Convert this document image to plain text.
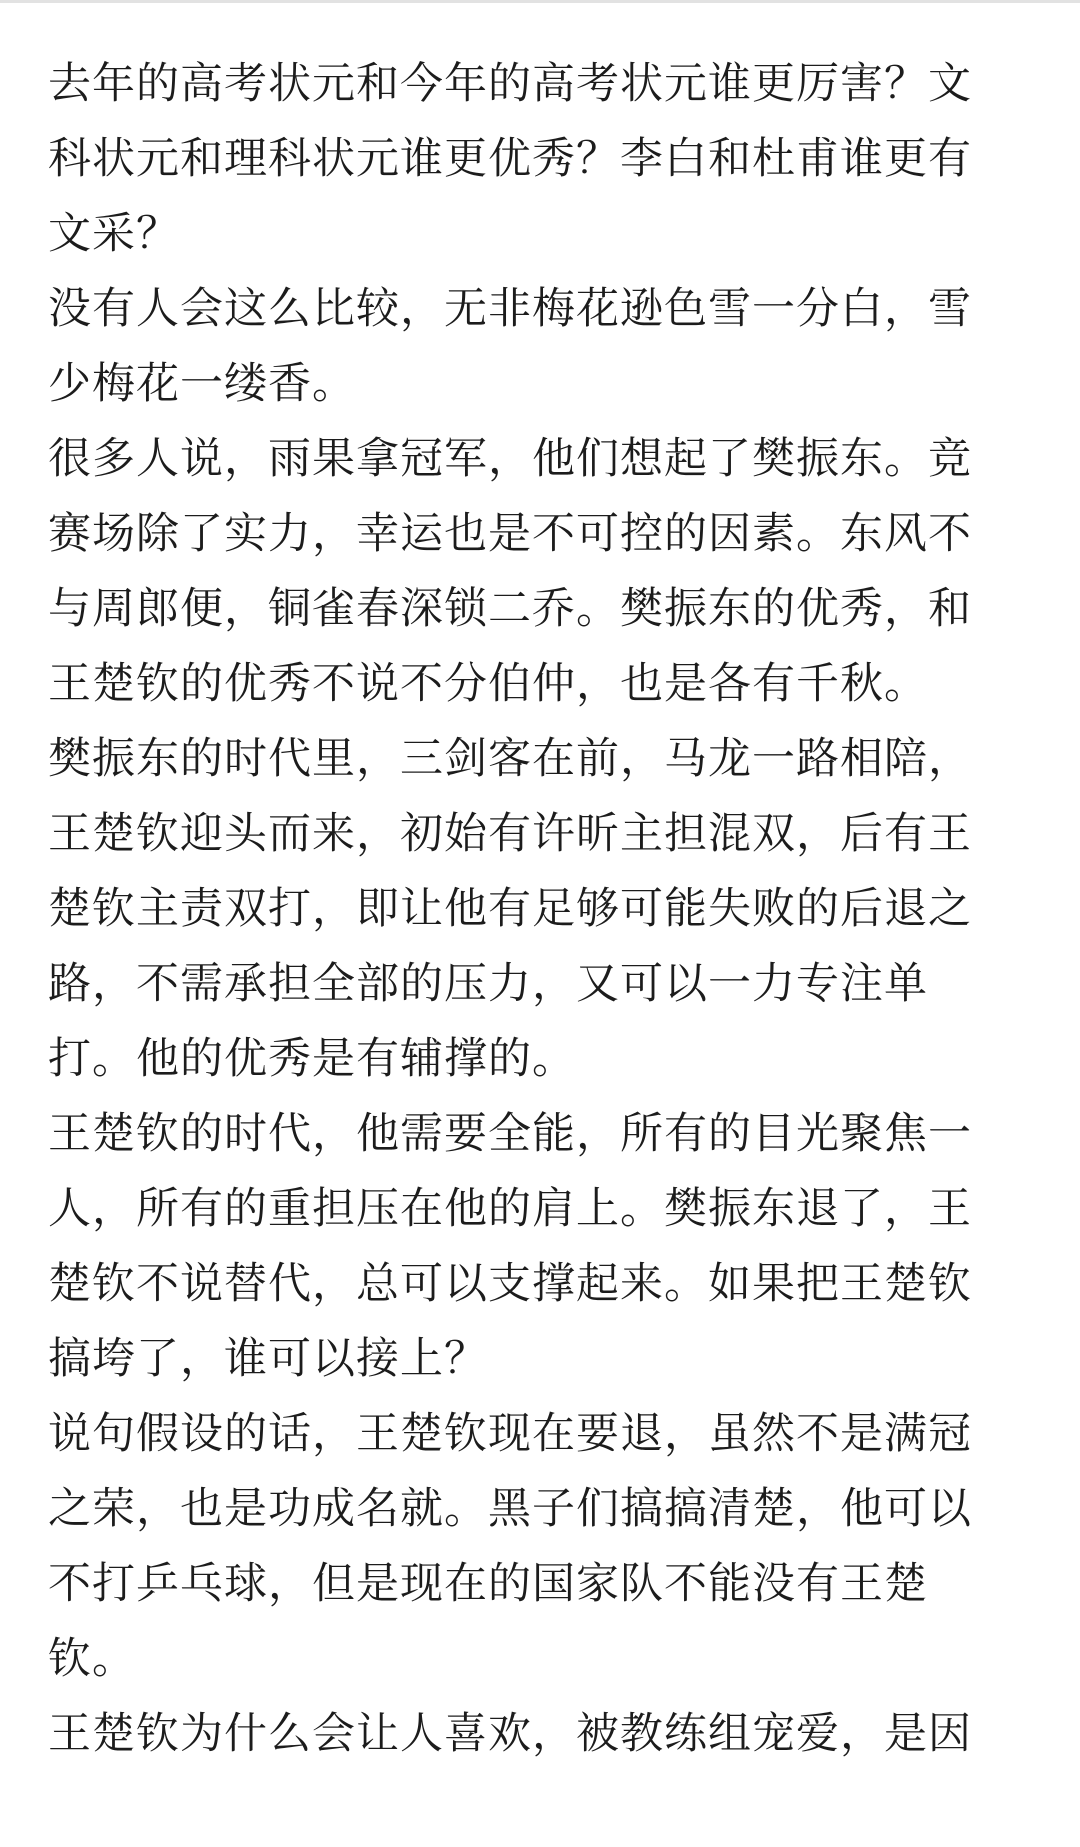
去年的高考状元和今年的高考状元谁更厉害？文科状元和理科状元谁更优秀？李白和杜甫谁更有文采？

没有人会这么比较，无非梅花逊色雪一分白，雪少梅花一缕香。

很多人说，雨果拿冠军，他们想起了樊振东。竞赛场除了实力，幸运也是不可控的因素。东风不与周郎便，铜雀春深锁二乔。樊振东的优秀，和王楚钦的优秀不说不分伯仲，也是各有千秋。

樊振东的时代里，三剑客在前，马龙一路相陪，王楚钦迎头而来，初始有许昕主担混双，后有王楚钦主责双打，即让他有足够可能失败的后退之路，不需承担全部的压力，又可以一力专注单打。他的优秀是有辅撑的。

王楚钦的时代，他需要全能，所有的目光聚焦一人，所有的重担压在他的肩上。樊振东退了，王楚钦不说替代，总可以支撑起来。如果把王楚钦搞垮了，谁可以接上？

说句假设的话，王楚钦现在要退，虽然不是满冠之荣，也是功成名就。黑子们搞搞清楚，他可以不打乒乓球，但是现在的国家队不能没有王楚钦。

王楚钦为什么会让人喜欢，被教练组宠爱，是因
